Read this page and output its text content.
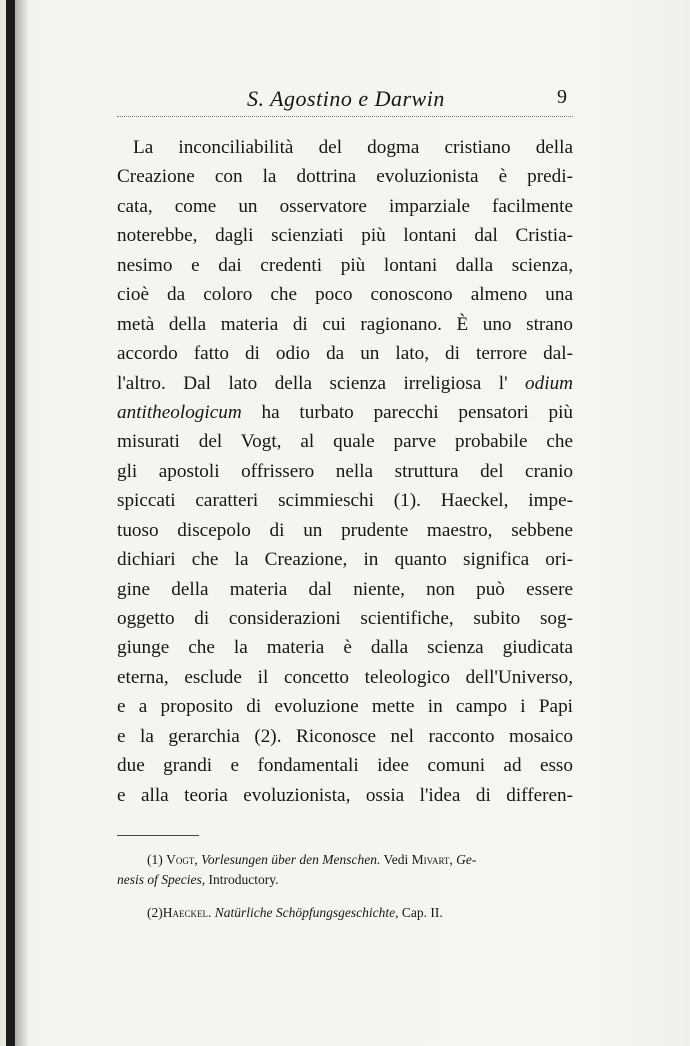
S. Agostino e Darwin	9
La inconciliabilità del dogma cristiano della
Creazione con la dottrina evoluzionista è predi-
cata, come un osservatore imparziale facilmente
noterebbe, dagli scienziati più lontani dal Cristia-
nesimo e dai credenti più lontani dalla scienza,
cioè da coloro che poco conoscono almeno una
metà della materia di cui ragionano. È uno strano
accordo fatto di odio da un lato, di terrore dal-
l'altro. Dal lato della scienza irreligiosa l' odium
antitheologicum ha turbato parecchi pensatori più
misurati del Vogt, al quale parve probabile che
gli apostoli offrissero nella struttura del cranio
spiccati caratteri scimmieschi (1). Haeckel, impe-
tuoso discepolo di un prudente maestro, sebbene
dichiari che la Creazione, in quanto significa ori-
gine della materia dal niente, non può essere
oggetto di considerazioni scientifiche, subito sog-
giunge che la materia è dalla scienza giudicata
eterna, esclude il concetto teleologico dell'Universo,
e a proposito di evoluzione mette in campo i Papi
e la gerarchia (2). Riconosce nel racconto mosaico
due grandi e fondamentali idee comuni ad esso
e alla teoria evoluzionista, ossia l'idea di differen-
(1) Vogt, Vorlesungen über den Menschen. Vedi Mivart, Ge-
nesis of Species, Introductory.
(2)Haeckel. Natürliche Schöpfungsgeschichte, Cap. II.
